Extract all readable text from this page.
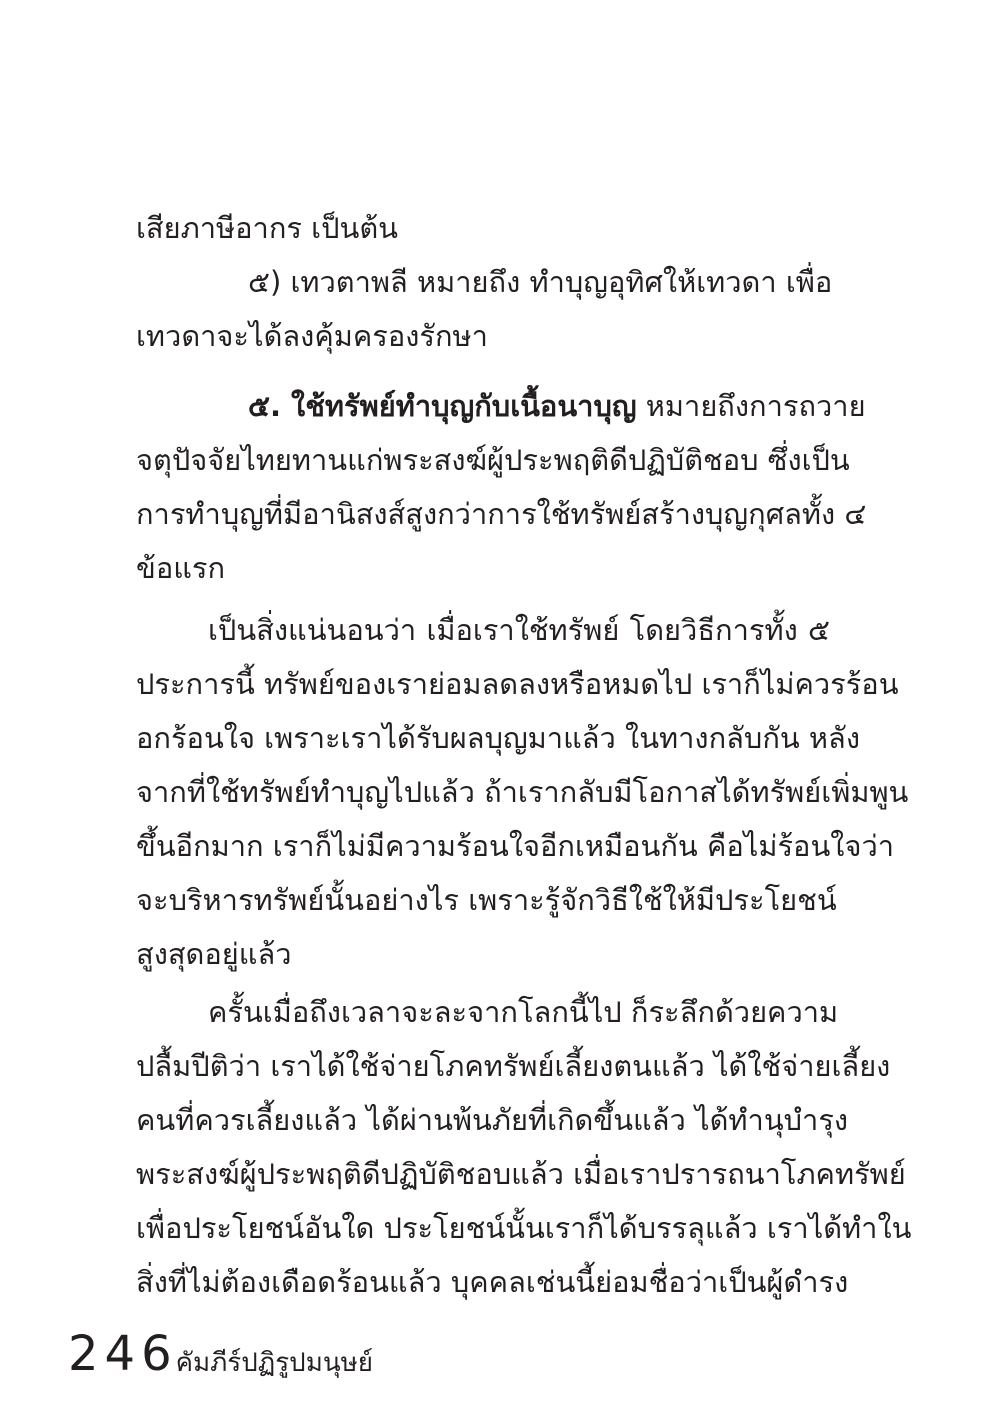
เสียภาษีอากร เป็นต้น
๕) เทวตาพลี หมายถึง ทำบุญอุทิศให้เทวดา เพื่อ
เทวดาจะได้ลงคุ้มครองรักษา
๕. ใช้ทรัพย์ทำบุญกับเนื้อนาบุญ หมายถึงการถวาย
จตุปัจจัยไทยทานแก่พระสงฆ์ผู้ประพฤติดีปฏิบัติชอบ ซึ่งเป็น
การทำบุญที่มีอานิสงส์สูงกว่าการใช้ทรัพย์สร้างบุญกุศลทั้ง ๔
ข้อแรก
เป็นสิ่งแน่นอนว่า เมื่อเราใช้ทรัพย์ โดยวิธีการทั้ง ๕
ประการนี้ ทรัพย์ของเราย่อมลดลงหรือหมดไป เราก็ไม่ควรร้อน
อกร้อนใจ เพราะเราได้รับผลบุญมาแล้ว ในทางกลับกัน หลัง
จากที่ใช้ทรัพย์ทำบุญไปแล้ว ถ้าเรากลับมีโอกาสได้ทรัพย์เพิ่มพูน
ขึ้นอีกมาก เราก็ไม่มีความร้อนใจอีกเหมือนกัน คือไม่ร้อนใจว่า
จะบริหารทรัพย์นั้นอย่างไร เพราะรู้จักวิธีใช้ให้มีประโยชน์
สูงสุดอยู่แล้ว
ครั้นเมื่อถึงเวลาจะละจากโลกนี้ไป ก็ระลึกด้วยความ
ปลื้มปีติว่า เราได้ใช้จ่ายโภคทรัพย์เลี้ยงตนแล้ว ได้ใช้จ่ายเลี้ยง
คนที่ควรเลี้ยงแล้ว ได้ผ่านพ้นภัยที่เกิดขึ้นแล้ว ได้ทำนุบำรุง
พระสงฆ์ผู้ประพฤติดีปฏิบัติชอบแล้ว เมื่อเราปรารถนาโภคทรัพย์
เพื่อประโยชน์อันใด ประโยชน์นั้นเราก็ได้บรรลุแล้ว เราได้ทำใน
สิ่งที่ไม่ต้องเดือดร้อนแล้ว บุคคลเช่นนี้ย่อมชื่อว่าเป็นผู้ดำรง
246
คัมภีร์ปฏิรูปมนุษย์
